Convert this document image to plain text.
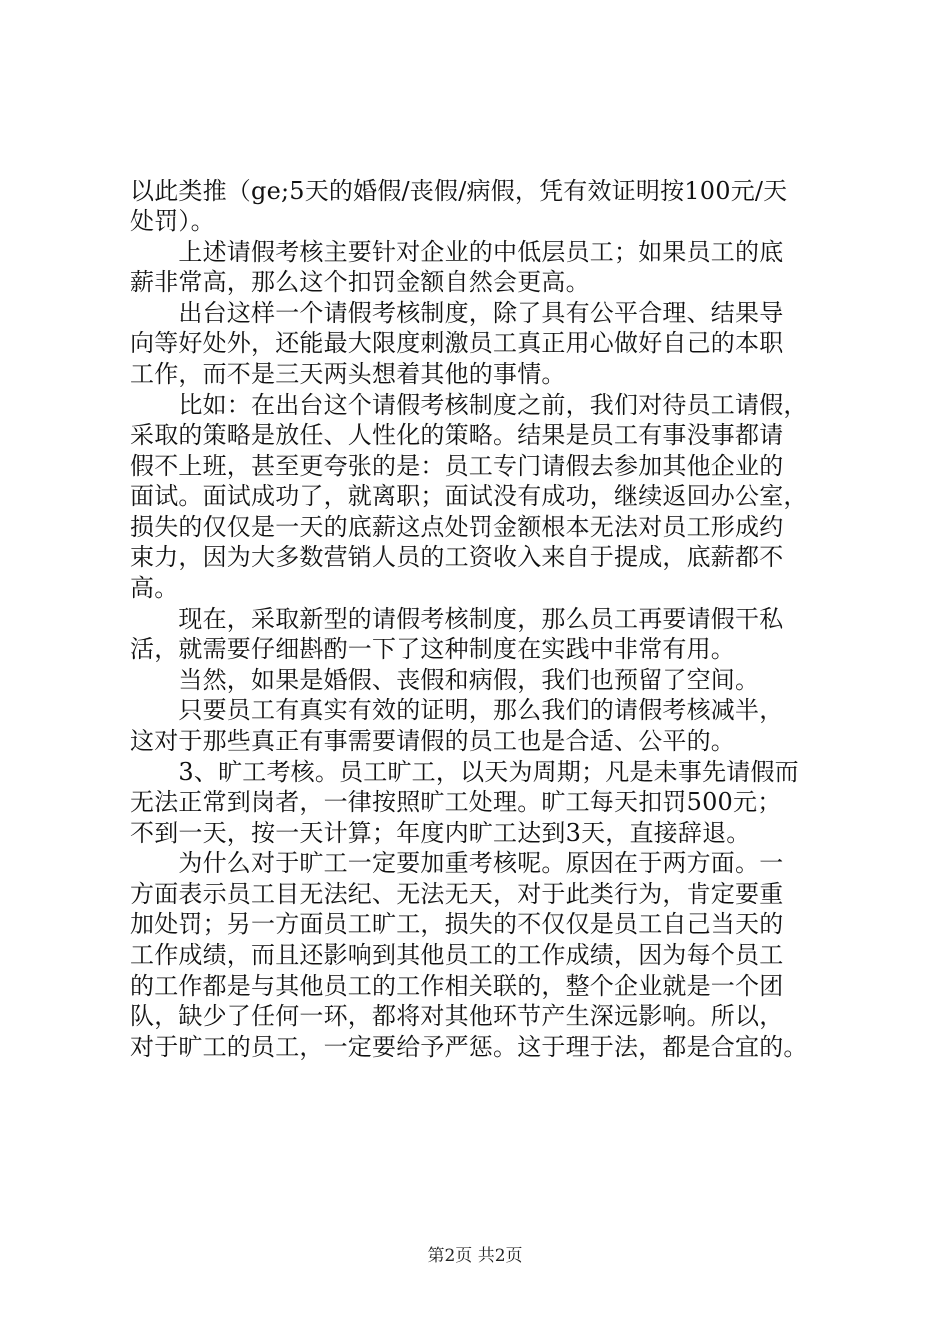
以此类推（ge;5天的婚假/丧假/病假，凭有效证明按100元/天
处罚）。
　　上述请假考核主要针对企业的中低层员工；如果员工的底
薪非常高，那么这个扣罚金额自然会更高。
　　出台这样一个请假考核制度，除了具有公平合理、结果导
向等好处外，还能最大限度刺激员工真正用心做好自己的本职
工作，而不是三天两头想着其他的事情。
　　比如：在出台这个请假考核制度之前，我们对待员工请假，
采取的策略是放任、人性化的策略。结果是员工有事没事都请
假不上班，甚至更夸张的是：员工专门请假去参加其他企业的
面试。面试成功了，就离职；面试没有成功，继续返回办公室，
损失的仅仅是一天的底薪这点处罚金额根本无法对员工形成约
束力，因为大多数营销人员的工资收入来自于提成，底薪都不
高。
　　现在，采取新型的请假考核制度，那么员工再要请假干私
活，就需要仔细斟酌一下了这种制度在实践中非常有用。
　　当然，如果是婚假、丧假和病假，我们也预留了空间。
　　只要员工有真实有效的证明，那么我们的请假考核减半，
这对于那些真正有事需要请假的员工也是合适、公平的。
　　3、旷工考核。员工旷工，以天为周期；凡是未事先请假而
无法正常到岗者，一律按照旷工处理。旷工每天扣罚500元；
不到一天，按一天计算；年度内旷工达到3天，直接辞退。
　　为什么对于旷工一定要加重考核呢。原因在于两方面。一
方面表示员工目无法纪、无法无天，对于此类行为，肯定要重
加处罚；另一方面员工旷工，损失的不仅仅是员工自己当天的
工作成绩，而且还影响到其他员工的工作成绩，因为每个员工
的工作都是与其他员工的工作相关联的，整个企业就是一个团
队，缺少了任何一环，都将对其他环节产生深远影响。所以，
对于旷工的员工，一定要给予严惩。这于理于法，都是合宜的。
第2页 共2页
